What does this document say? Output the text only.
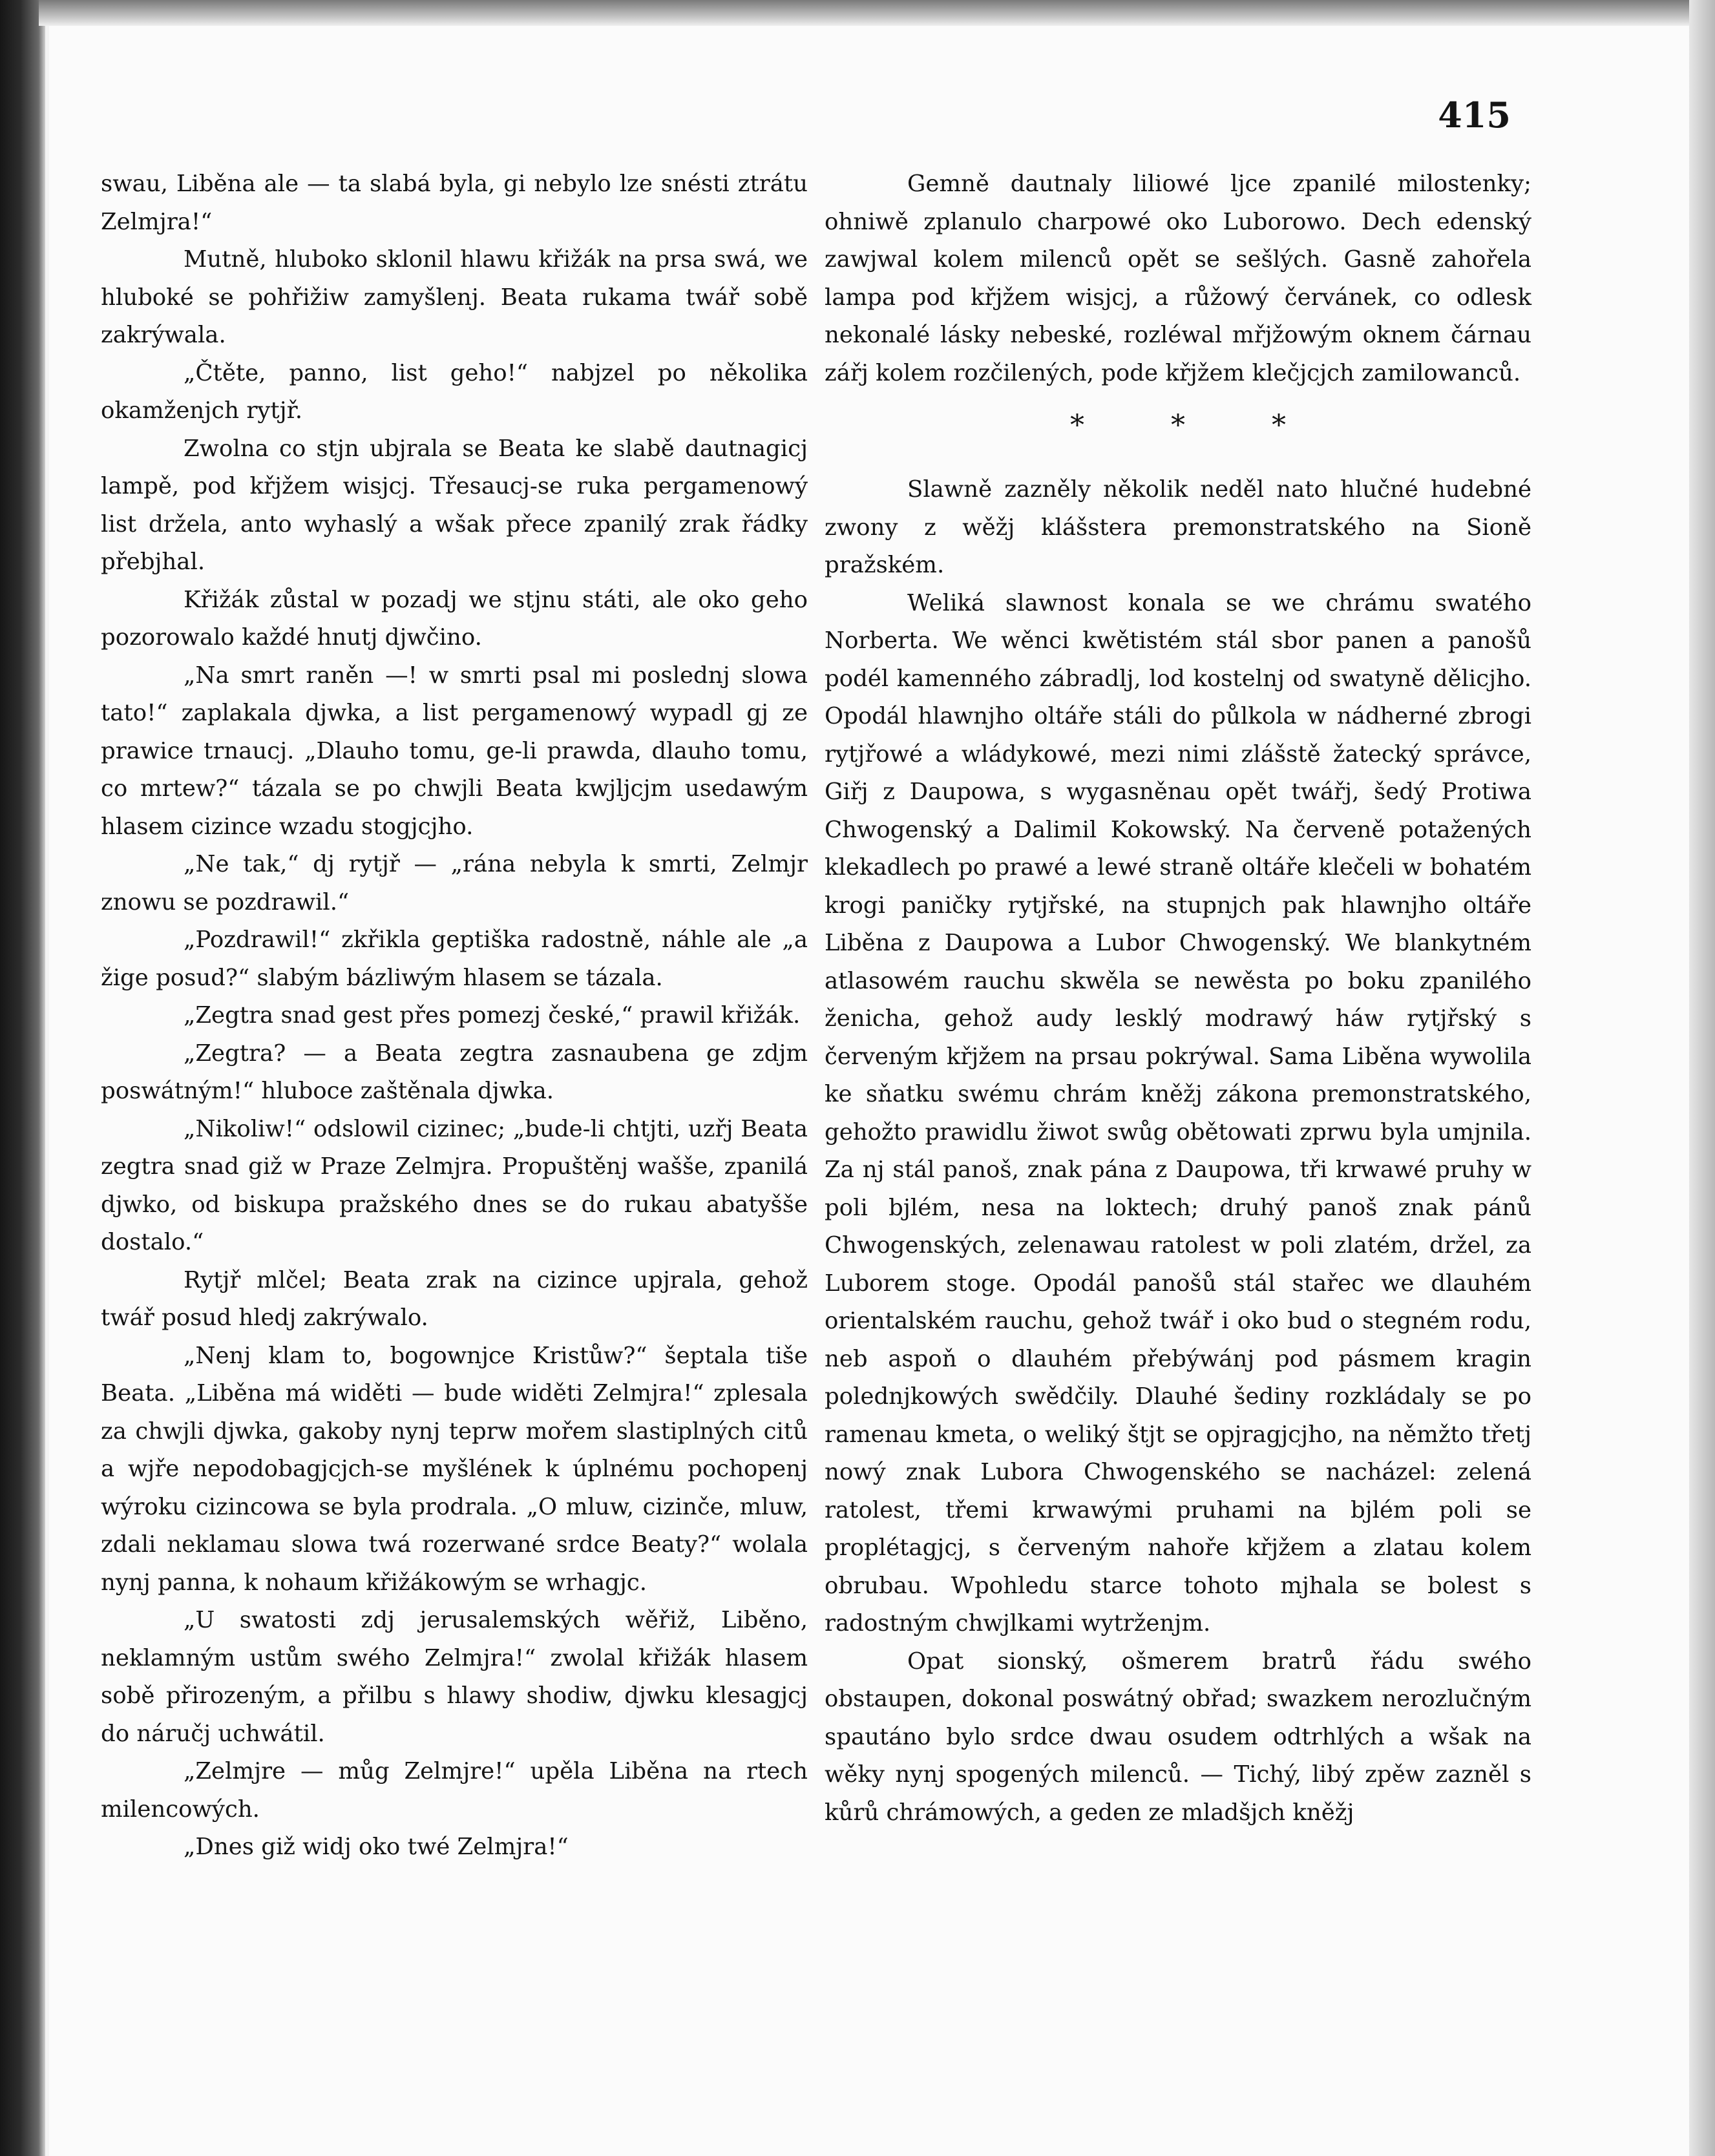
415

swau, Liběna ale — ta slabá byla, gi nebylo lze snésti ztrátu Zelmjra!“

Mutně, hluboko sklonil hlawu křižák na prsa swá, we hluboké se pohřižiw zamyšlenj. Beata rukama twář sobě zakrýwala.

„Čtěte, panno, list geho!“ nabjzel po několika okamženjch rytjř.

Zwolna co stjn ubjrala se Beata ke slabě dautnagicj lampě, pod křjžem wisjcj. Třesaucj-se ruka pergamenowý list držela, anto wyhaslý a wšak přece zpanilý zrak řádky přebjhal.

Křižák zůstal w pozadj we stjnu státi, ale oko geho pozorowalo každé hnutj djwčino.

„Na smrt raněn —! w smrti psal mi poslednj slowa tato!“ zaplakala djwka, a list pergamenowý wypadl gj ze prawice trnaucj. „Dlauho tomu, ge-li prawda, dlauho tomu, co mrtew?“ tázala se po chwjli Beata kwjljcjm usedawým hlasem cizince wzadu stogjcjho.

„Ne tak,“ dj rytjř — „rána nebyla k smrti, Zelmjr znowu se pozdrawil.“

„Pozdrawil!“ zkřikla geptiška radostně, náhle ale „a žige posud?“ slabým bázliwým hlasem se tázala.

„Zegtra snad gest přes pomezj české,“ prawil křižák.

„Zegtra? — a Beata zegtra zasnaubena ge zdjm poswátným!“ hluboce zaštěnala djwka.

„Nikoliw!“ odslowil cizinec; „bude-li chtjti, uzřj Beata zegtra snad giž w Praze Zelmjra. Propuštěnj wašše, zpanilá djwko, od biskupa pražského dnes se do rukau abatyšše dostalo.“

Rytjř mlčel; Beata zrak na cizince upjrala, gehož twář posud hledj zakrýwalo.

„Nenj klam to, bogownjce Kristůw?“ šeptala tiše Beata. „Liběna má widěti — bude widěti Zelmjra!“ zplesala za chwjli djwka, gakoby nynj teprw mořem slastiplných citů a wjře nepodobagjcjch-se myšlének k úplnému pochopenj wýroku cizincowa se byla prodrala. „O mluw, cizinče, mluw, zdali neklamau slowa twá rozerwané srdce Beaty?“ wolala nynj panna, k nohaum křižákowým se wrhagjc.

„U swatosti zdj jerusalemských wěřiž, Liběno, neklamným ustům swého Zelmjra!“ zwolal křižák hlasem sobě přirozeným, a přilbu s hlawy shodiw, djwku klesagjcj do náručj uchwátil.

„Zelmjre — můg Zelmjre!“ upěla Liběna na rtech milencowých.

„Dnes giž widj oko twé Zelmjra!“

Gemně dautnaly liliowé ljce zpanilé milostenky; ohniwě zplanulo charpowé oko Luborowo. Dech edenský zawjwal kolem milenců opět se sešlých. Gasně zahořela lampa pod křjžem wisjcj, a růžowý červánek, co odlesk nekonalé lásky nebeské, rozléwal mřjžowým oknem čárnau zářj kolem rozčilených, pode křjžem klečjcjch zamilowanců.

* * *

Slawně zazněly několik neděl nato hlučné hudebné zwony z wěžj klášstera premonstratského na Sioně pražském.

Weliká slawnost konala se we chrámu swatého Norberta. We wěnci kwětistém stál sbor panen a panošů podél kamenného zábradlj, lod kostelnj od swatyně dělicjho. Opodál hlawnjho oltáře stáli do půlkola w nádherné zbrogi rytjřowé a wládykowé, mezi nimi zlášstě žatecký správce, Giřj z Daupowa, s wygasněnau opět twářj, šedý Protiwa Chwogenský a Dalimil Kokowský. Na červeně potažených klekadlech po prawé a lewé straně oltáře klečeli w bohatém krogi paničky rytjřské, na stupnjch pak hlawnjho oltáře Liběna z Daupowa a Lubor Chwogenský. We blankytném atlasowém rauchu skwěla se newěsta po boku zpanilého ženicha, gehož audy lesklý modrawý háw rytjřský s červeným křjžem na prsau pokrýwal. Sama Liběna wywolila ke sňatku swému chrám kněžj zákona premonstratského, gehožto prawidlu žiwot swůg obětowati zprwu byla umjnila. Za nj stál panoš, znak pána z Daupowa, tři krwawé pruhy w poli bjlém, nesa na loktech; druhý panoš znak pánů Chwogenských, zelenawau ratolest w poli zlatém, držel, za Luborem stoge. Opodál panošů stál stařec we dlauhém orientalském rauchu, gehož twář i oko bud o stegném rodu, neb aspoň o dlauhém přebýwánj pod pásmem kragin polednjkowých swědčily. Dlauhé šediny rozkládaly se po ramenau kmeta, o weliký štjt se opjragjcjho, na němžto třetj nowý znak Lubora Chwogenského se nacházel: zelená ratolest, třemi krwawými pruhami na bjlém poli se proplétagjcj, s červeným nahoře křjžem a zlatau kolem obrubau. Wpohledu starce tohoto mjhala se bolest s radostným chwjlkami wytrženjm.

Opat sionský, ošmerem bratrů řádu swého obstaupen, dokonal poswátný obřad; swazkem nerozlučným spautáno bylo srdce dwau osudem odtrhlých a wšak na wěky nynj spogených milenců. — Tichý, libý zpěw zazněl s kůrů chrámowých, a geden ze mladšjch kněžj
